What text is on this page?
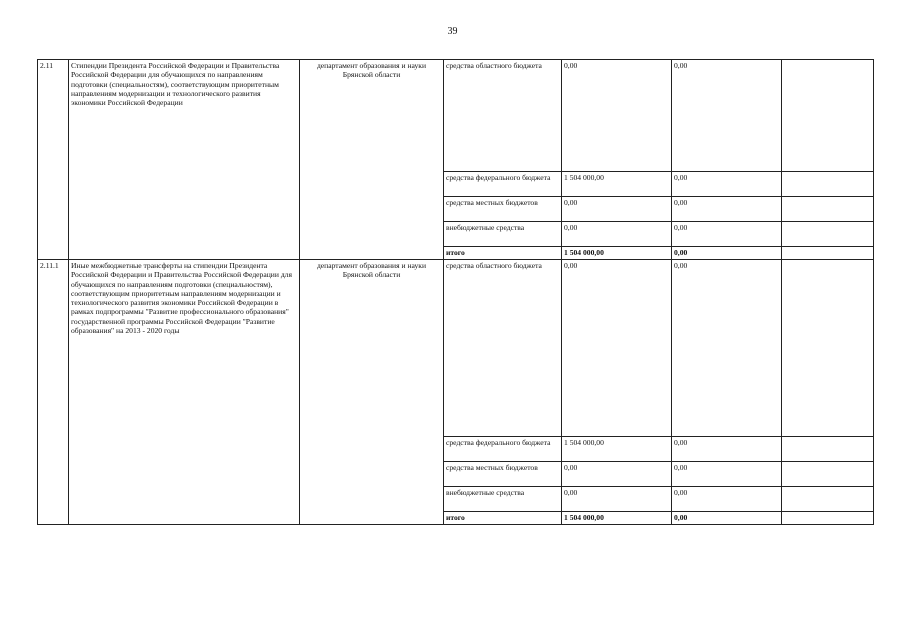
39
2.11	Стипендии Президента Российской Федерации и Правительства Российской Федерации для обучающихся по направлениям подготовки (специальностям), соответствующим приоритетным направлениям модернизации и технологического развития экономики Российской Федерации	департамент образования и науки Брянской области	средства областного бюджета	0,00	0,00	
			средства федерального бюджета	1 504 000,00	0,00	
			средства местных бюджетов	0,00	0,00	
			внебюджетные средства	0,00	0,00	
			итого	1 504 000,00	0,00	
2.11.1	Иные межбюджетные трансферты на стипендии Президента Российской Федерации и Правительства Российской Федерации для обучающихся по направлениям подготовки (специальностям), соответствующим приоритетным направлениям модернизации и технологического развития экономики Российской Федерации в рамках подпрограммы "Развитие профессионального образования" государственной программы Российской Федерации "Развитие образования" на 2013 - 2020 годы	департамент образования и науки Брянской области	средства областного бюджета	0,00	0,00	
			средства федерального бюджета	1 504 000,00	0,00	
			средства местных бюджетов	0,00	0,00	
			внебюджетные средства	0,00	0,00	
			итого	1 504 000,00	0,00	
